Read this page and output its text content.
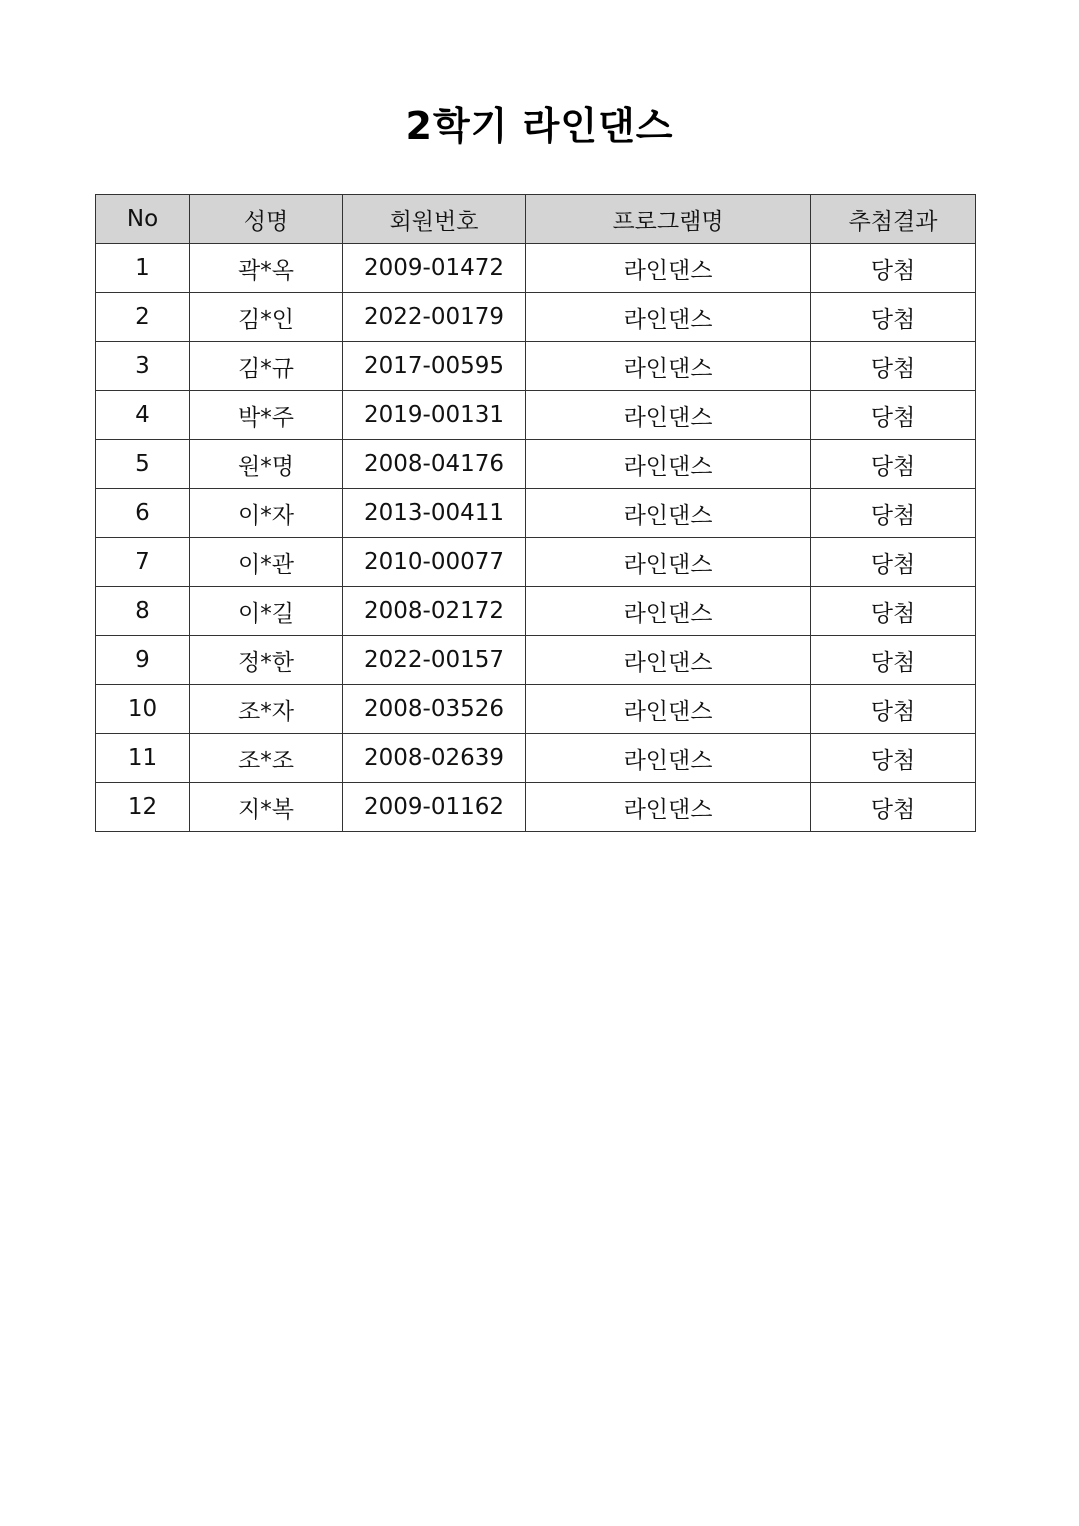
2학기 라인댄스
No	성명	회원번호	프로그램명	추첨결과
1	곽*옥	2009-01472	라인댄스	당첨
2	김*인	2022-00179	라인댄스	당첨
3	김*규	2017-00595	라인댄스	당첨
4	박*주	2019-00131	라인댄스	당첨
5	원*명	2008-04176	라인댄스	당첨
6	이*자	2013-00411	라인댄스	당첨
7	이*관	2010-00077	라인댄스	당첨
8	이*길	2008-02172	라인댄스	당첨
9	정*한	2022-00157	라인댄스	당첨
10	조*자	2008-03526	라인댄스	당첨
11	조*조	2008-02639	라인댄스	당첨
12	지*복	2009-01162	라인댄스	당첨
